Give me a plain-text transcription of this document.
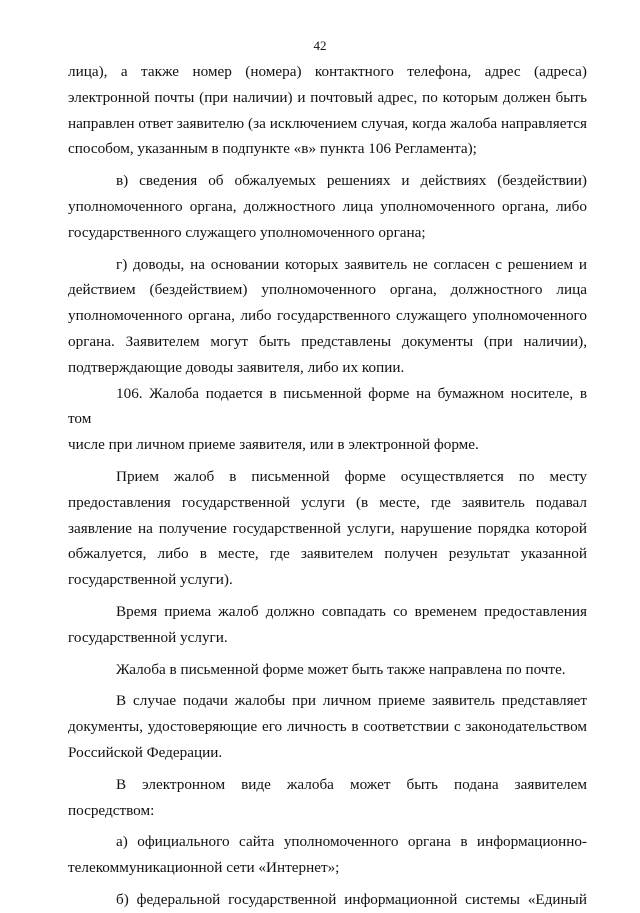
42

лица), а также номер (номера) контактного телефона, адрес (адреса)

электронной почты (при наличии) и почтовый адрес, по которым должен быть

направлен ответ заявителю (за исключением случая, когда жалоба направляется

способом, указанным в подпункте «в» пункта 106 Регламента);

в) сведения об обжалуемых решениях и действиях (бездействии)

уполномоченного органа, должностного лица уполномоченного органа, либо

государственного служащего уполномоченного органа;

г) доводы, на основании которых заявитель не согласен с решением и

действием (бездействием) уполномоченного органа, должностного лица

уполномоченного органа, либо государственного служащего уполномоченного

органа. Заявителем могут быть представлены документы (при наличии),

подтверждающие доводы заявителя, либо их копии.

106. Жалоба подается в письменной форме на бумажном носителе, в том

числе при личном приеме заявителя, или в электронной форме.

Прием жалоб в письменной форме осуществляется по месту

предоставления государственной услуги (в месте, где заявитель подавал

заявление на получение государственной услуги, нарушение порядка которой

обжалуется, либо в месте, где заявителем получен результат указанной

государственной услуги).

Время приема жалоб должно совпадать со временем предоставления

государственной услуги.

Жалоба в письменной форме может быть также направлена по почте.

В случае подачи жалобы при личном приеме заявитель представляет

документы, удостоверяющие его личность в соответствии с законодательством

Российской Федерации.

В электронном виде жалоба может быть подана заявителем

посредством:

а) официального сайта уполномоченного органа в информационно-

телекоммуникационной сети «Интернет»;

б) федеральной государственной информационной системы «Единый
